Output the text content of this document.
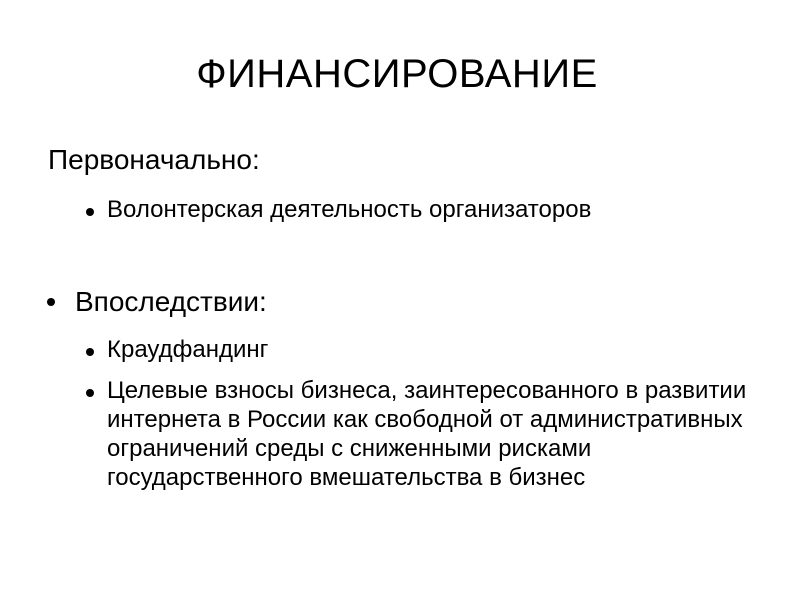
ФИНАНСИРОВАНИЕ
Первоначально:
Волонтерская деятельность организаторов
Впоследствии:
Краудфандинг
Целевые взносы бизнеса, заинтересованного в развитии интернета в России как свободной от административных ограничений среды с сниженными рисками государственного вмешательства в бизнес
